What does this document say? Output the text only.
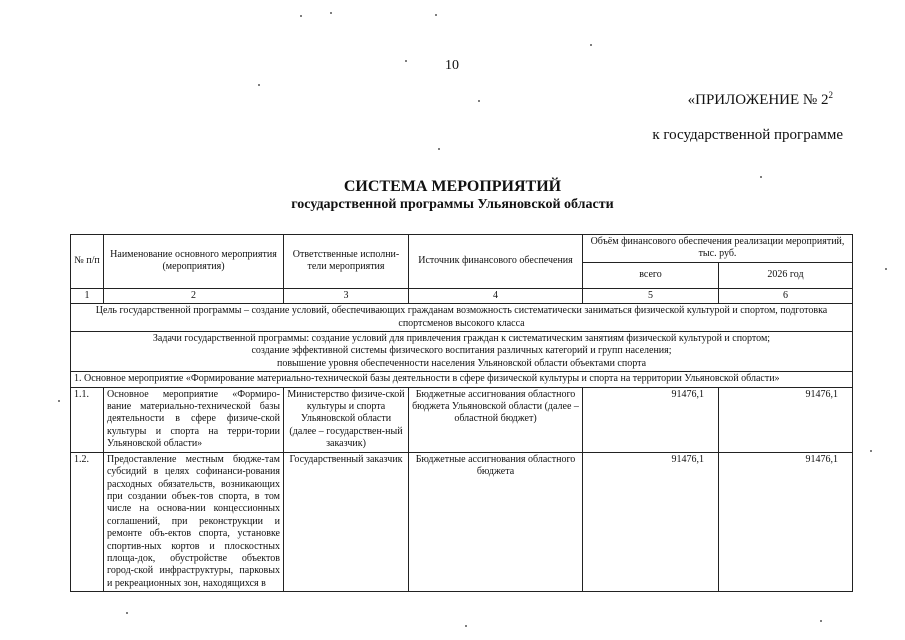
10
«ПРИЛОЖЕНИЕ № $2^2$
к государственной программе
СИСТЕМА МЕРОПРИЯТИЙ
государственной программы Ульяновской области
№ п/п	Наименование основного мероприятия (мероприятия)	Ответственные исполни-тели мероприятия	Источник финансового обеспечения	Объём финансового обеспечения реализации мероприятий, тыс. руб.	
				всего	2026 год
1	2	3	4	5	6
Цель государственной программы – создание условий, обеспечивающих гражданам возможность систематически заниматься физической культурой и спортом, подготовка спортсменов высокого класса					

Задачи государственной программы: создание условий для привлечения граждан к систематическим занятиям физической культурой и спортом;
создание эффективной системы физического воспитания различных категорий и групп населения;
повышение уровня обеспеченности населения Ульяновской области объектами спорта					

1. Основное мероприятие «Формирование материально-технической базы деятельности в сфере физической культуры и спорта на территории Ульяновской области»					
1.1.	Основное мероприятие «Формиро-вание материально-технической базы деятельности в сфере физиче-ской культуры и спорта на терри-тории Ульяновской области»	Министерство физиче-ской культуры и спорта Ульяновской области (далее – государствен-ный заказчик)	Бюджетные ассигнования областного бюджета Ульяновской области (далее – областной бюджет)	91476,1	91476,1
1.2.	Предоставление местным бюдже-там субсидий в целях софинанси-рования расходных обязательств, возникающих при создании объек-тов спорта, в том числе на основа-нии концессионных соглашений, при реконструкции и ремонте объ-ектов спорта, установке спортив-ных кортов и плоскостных площа-док, обустройстве объектов город-ской инфраструктуры, парковых и рекреационных зон, находящихся в	Государственный заказчик	Бюджетные ассигнования областного бюджета	91476,1	91476,1
